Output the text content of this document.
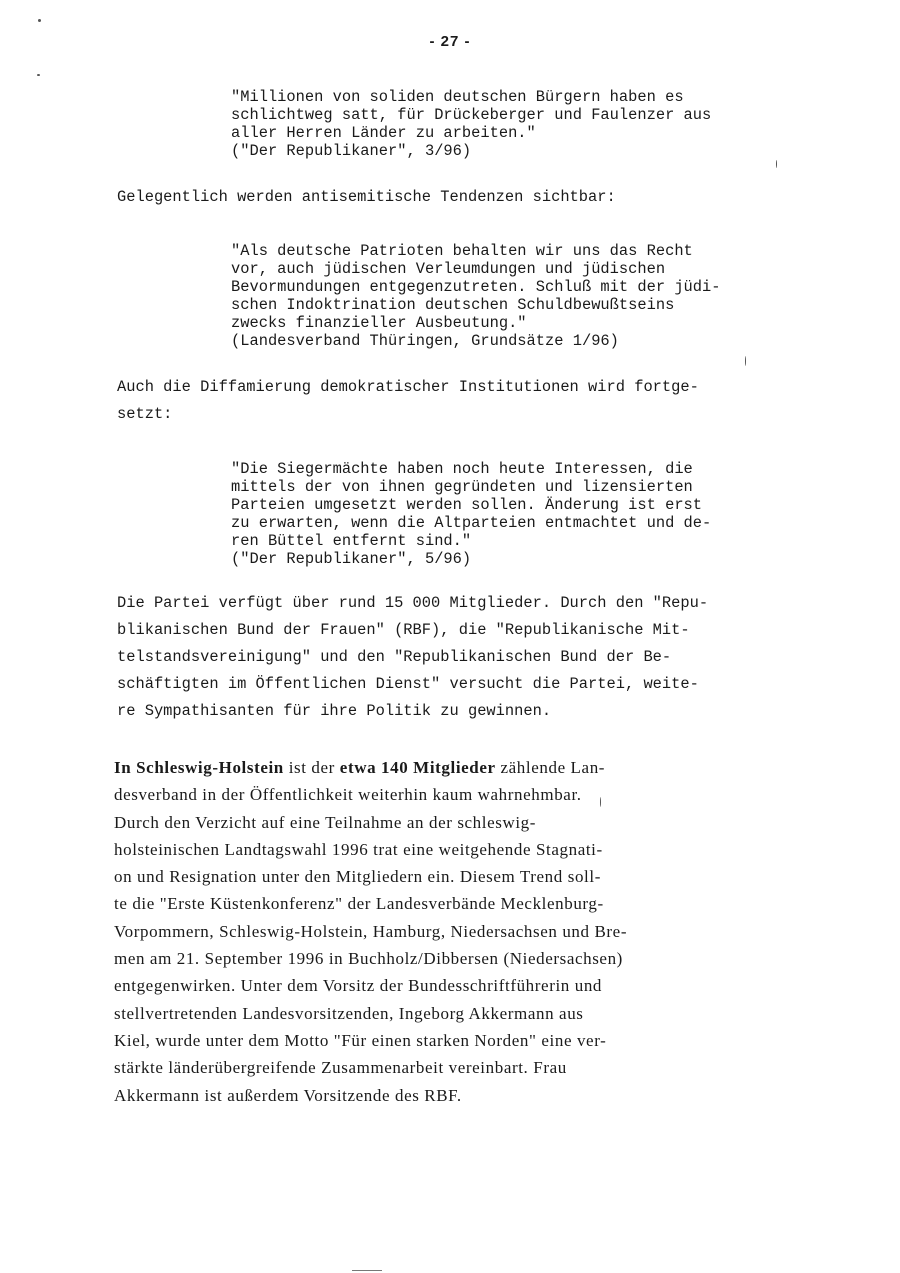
- 27 -
"Millionen von soliden deutschen Bürgern haben es
schlichtweg satt, für Drückeberger und Faulenzer aus
aller Herren Länder zu arbeiten."
("Der Republikaner", 3/96)
Gelegentlich werden antisemitische Tendenzen sichtbar:
"Als deutsche Patrioten behalten wir uns das Recht
vor, auch jüdischen Verleumdungen und jüdischen
Bevormundungen entgegenzutreten. Schluß mit der jüdi-
schen Indoktrination deutschen Schuldbewußtseins
zwecks finanzieller Ausbeutung."
(Landesverband Thüringen, Grundsätze 1/96)
Auch die Diffamierung demokratischer Institutionen wird fortge-
setzt:
"Die Siegermächte haben noch heute Interessen, die
mittels der von ihnen gegründeten und lizensierten
Parteien umgesetzt werden sollen. Änderung ist erst
zu erwarten, wenn die Altparteien entmachtet und de-
ren Büttel entfernt sind."
("Der Republikaner", 5/96)
Die Partei verfügt über rund 15 000 Mitglieder. Durch den "Repu-
blikanischen Bund der Frauen" (RBF), die "Republikanische Mit-
telstandsvereinigung" und den "Republikanischen Bund der Be-
schäftigten im Öffentlichen Dienst" versucht die Partei, weite-
re Sympathisanten für ihre Politik zu gewinnen.
In Schleswig-Holstein ist der etwa 140 Mitglieder zählende Lan-
desverband in der Öffentlichkeit weiterhin kaum wahrnehmbar.
Durch den Verzicht auf eine Teilnahme an der schleswig-
holsteinischen Landtagswahl 1996 trat eine weitgehende Stagnati-
on und Resignation unter den Mitgliedern ein. Diesem Trend soll-
te die "Erste Küstenkonferenz" der Landesverbände Mecklenburg-
Vorpommern, Schleswig-Holstein, Hamburg, Niedersachsen und Bre-
men am 21. September 1996 in Buchholz/Dibbersen (Niedersachsen)
entgegenwirken. Unter dem Vorsitz der Bundesschriftführerin und
stellvertretenden Landesvorsitzenden, Ingeborg Akkermann aus
Kiel, wurde unter dem Motto "Für einen starken Norden" eine ver-
stärkte länderübergreifende Zusammenarbeit vereinbart. Frau
Akkermann ist außerdem Vorsitzende des RBF.
